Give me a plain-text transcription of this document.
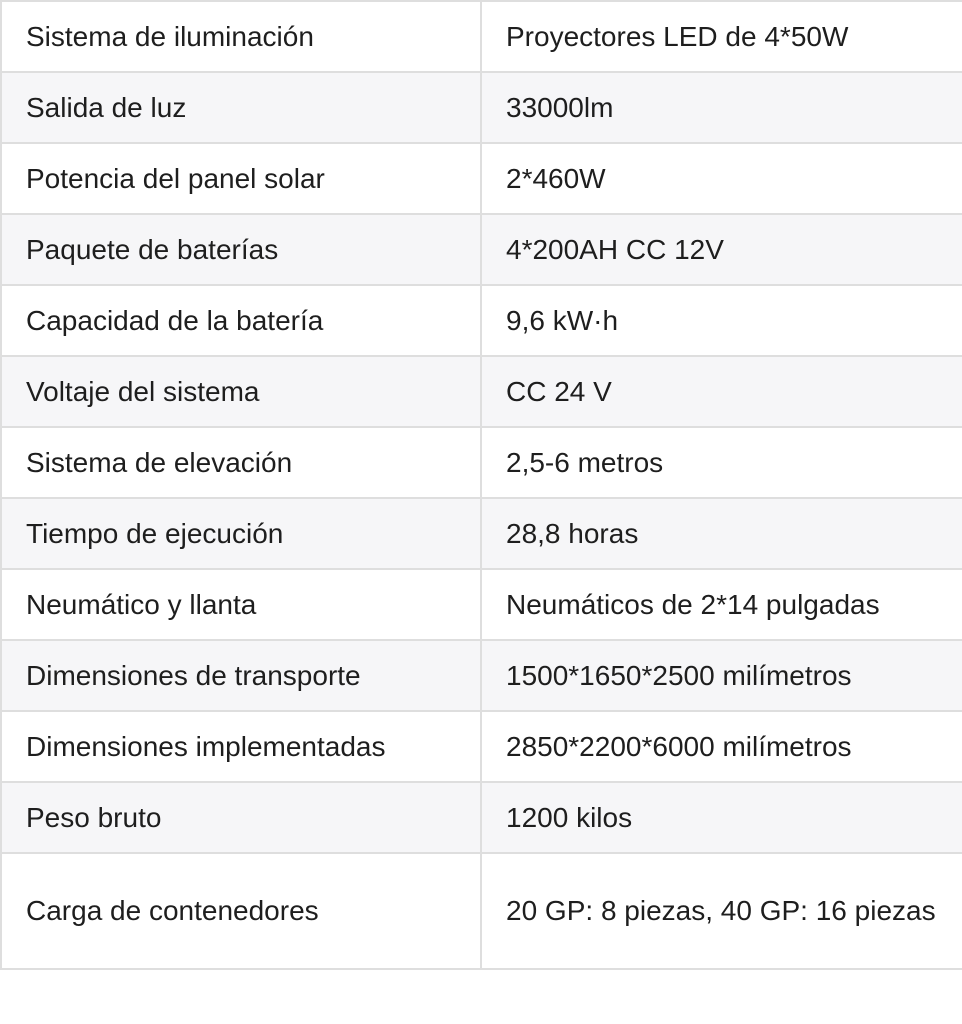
Sistema de iluminación	Proyectores LED de 4*50W
Salida de luz	33000lm
Potencia del panel solar	2*460W
Paquete de baterías	4*200AH CC 12V
Capacidad de la batería	9,6 kW·h
Voltaje del sistema	CC 24 V
Sistema de elevación	2,5-6 metros
Tiempo de ejecución	28,8 horas
Neumático y llanta	Neumáticos de 2*14 pulgadas
Dimensiones de transporte	1500*1650*2500 milímetros
Dimensiones implementadas	2850*2200*6000 milímetros
Peso bruto	1200 kilos
Carga de contenedores	20 GP: 8 piezas, 40 GP: 16 piezas
